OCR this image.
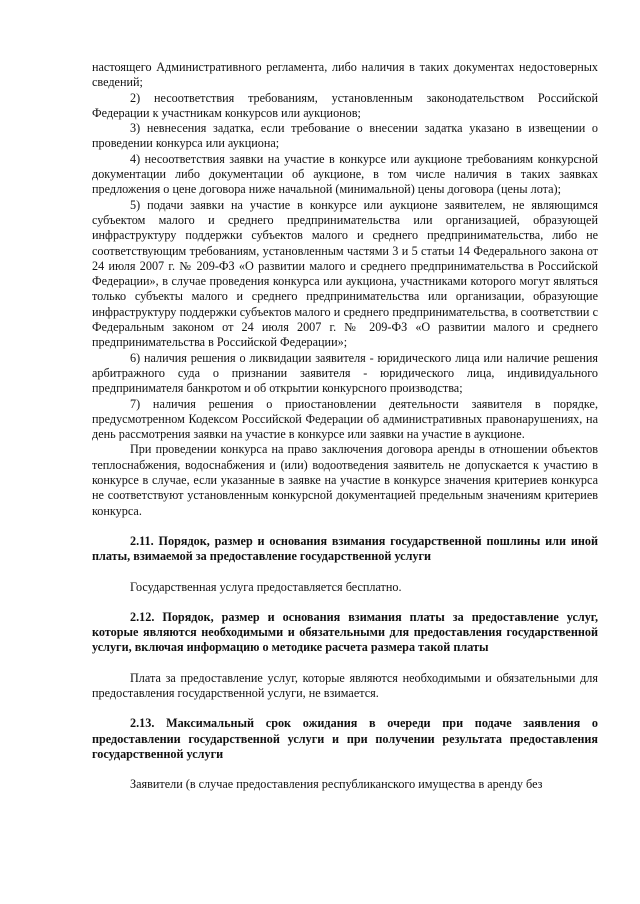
настоящего Административного регламента, либо наличия в таких документах недостоверных сведений;

2) несоответствия требованиям, установленным законодательством Российской Федерации к участникам конкурсов или аукционов;

3) невнесения задатка, если требование о внесении задатка указано в извещении о проведении конкурса или аукциона;

4) несоответствия заявки на участие в конкурсе или аукционе требованиям конкурсной документации либо документации об аукционе, в том числе наличия в таких заявках предложения о цене договора ниже начальной (минимальной) цены договора (цены лота);

5) подачи заявки на участие в конкурсе или аукционе заявителем, не являющимся субъектом малого и среднего предпринимательства или организацией, образующей инфраструктуру поддержки субъектов малого и среднего предпринимательства, либо не соответствующим требованиям, установленным частями 3 и 5 статьи 14 Федерального закона от 24 июля 2007 г. № 209-ФЗ «О развитии малого и среднего предпринимательства в Российской Федерации», в случае проведения конкурса или аукциона, участниками которого могут являться только субъекты малого и среднего предпринимательства или организации, образующие инфраструктуру поддержки субъектов малого и среднего предпринимательства, в соответствии с Федеральным законом от 24 июля 2007 г. № 209-ФЗ «О развитии малого и среднего предпринимательства в Российской Федерации»;

6) наличия решения о ликвидации заявителя - юридического лица или наличие решения арбитражного суда о признании заявителя - юридического лица, индивидуального предпринимателя банкротом и об открытии конкурсного производства;

7) наличия решения о приостановлении деятельности заявителя в порядке, предусмотренном Кодексом Российской Федерации об административных правонарушениях, на день рассмотрения заявки на участие в конкурсе или заявки на участие в аукционе.

При проведении конкурса на право заключения договора аренды в отношении объектов теплоснабжения, водоснабжения и (или) водоотведения заявитель не допускается к участию в конкурсе в случае, если указанные в заявке на участие в конкурсе значения критериев конкурса не соответствуют установленным конкурсной документацией предельным значениям критериев конкурса.

2.11. Порядок, размер и основания взимания государственной пошлины или иной платы, взимаемой за предоставление государственной услуги

Государственная услуга предоставляется бесплатно.

2.12. Порядок, размер и основания взимания платы за предоставление услуг, которые являются необходимыми и обязательными для предоставления государственной услуги, включая информацию о методике расчета размера такой платы

Плата за предоставление услуг, которые являются необходимыми и обязательными для предоставления государственной услуги, не взимается.

2.13. Максимальный срок ожидания в очереди при подаче заявления о предоставлении государственной услуги и при получении результата предоставления государственной услуги

Заявители (в случае предоставления республиканского имущества в аренду без
